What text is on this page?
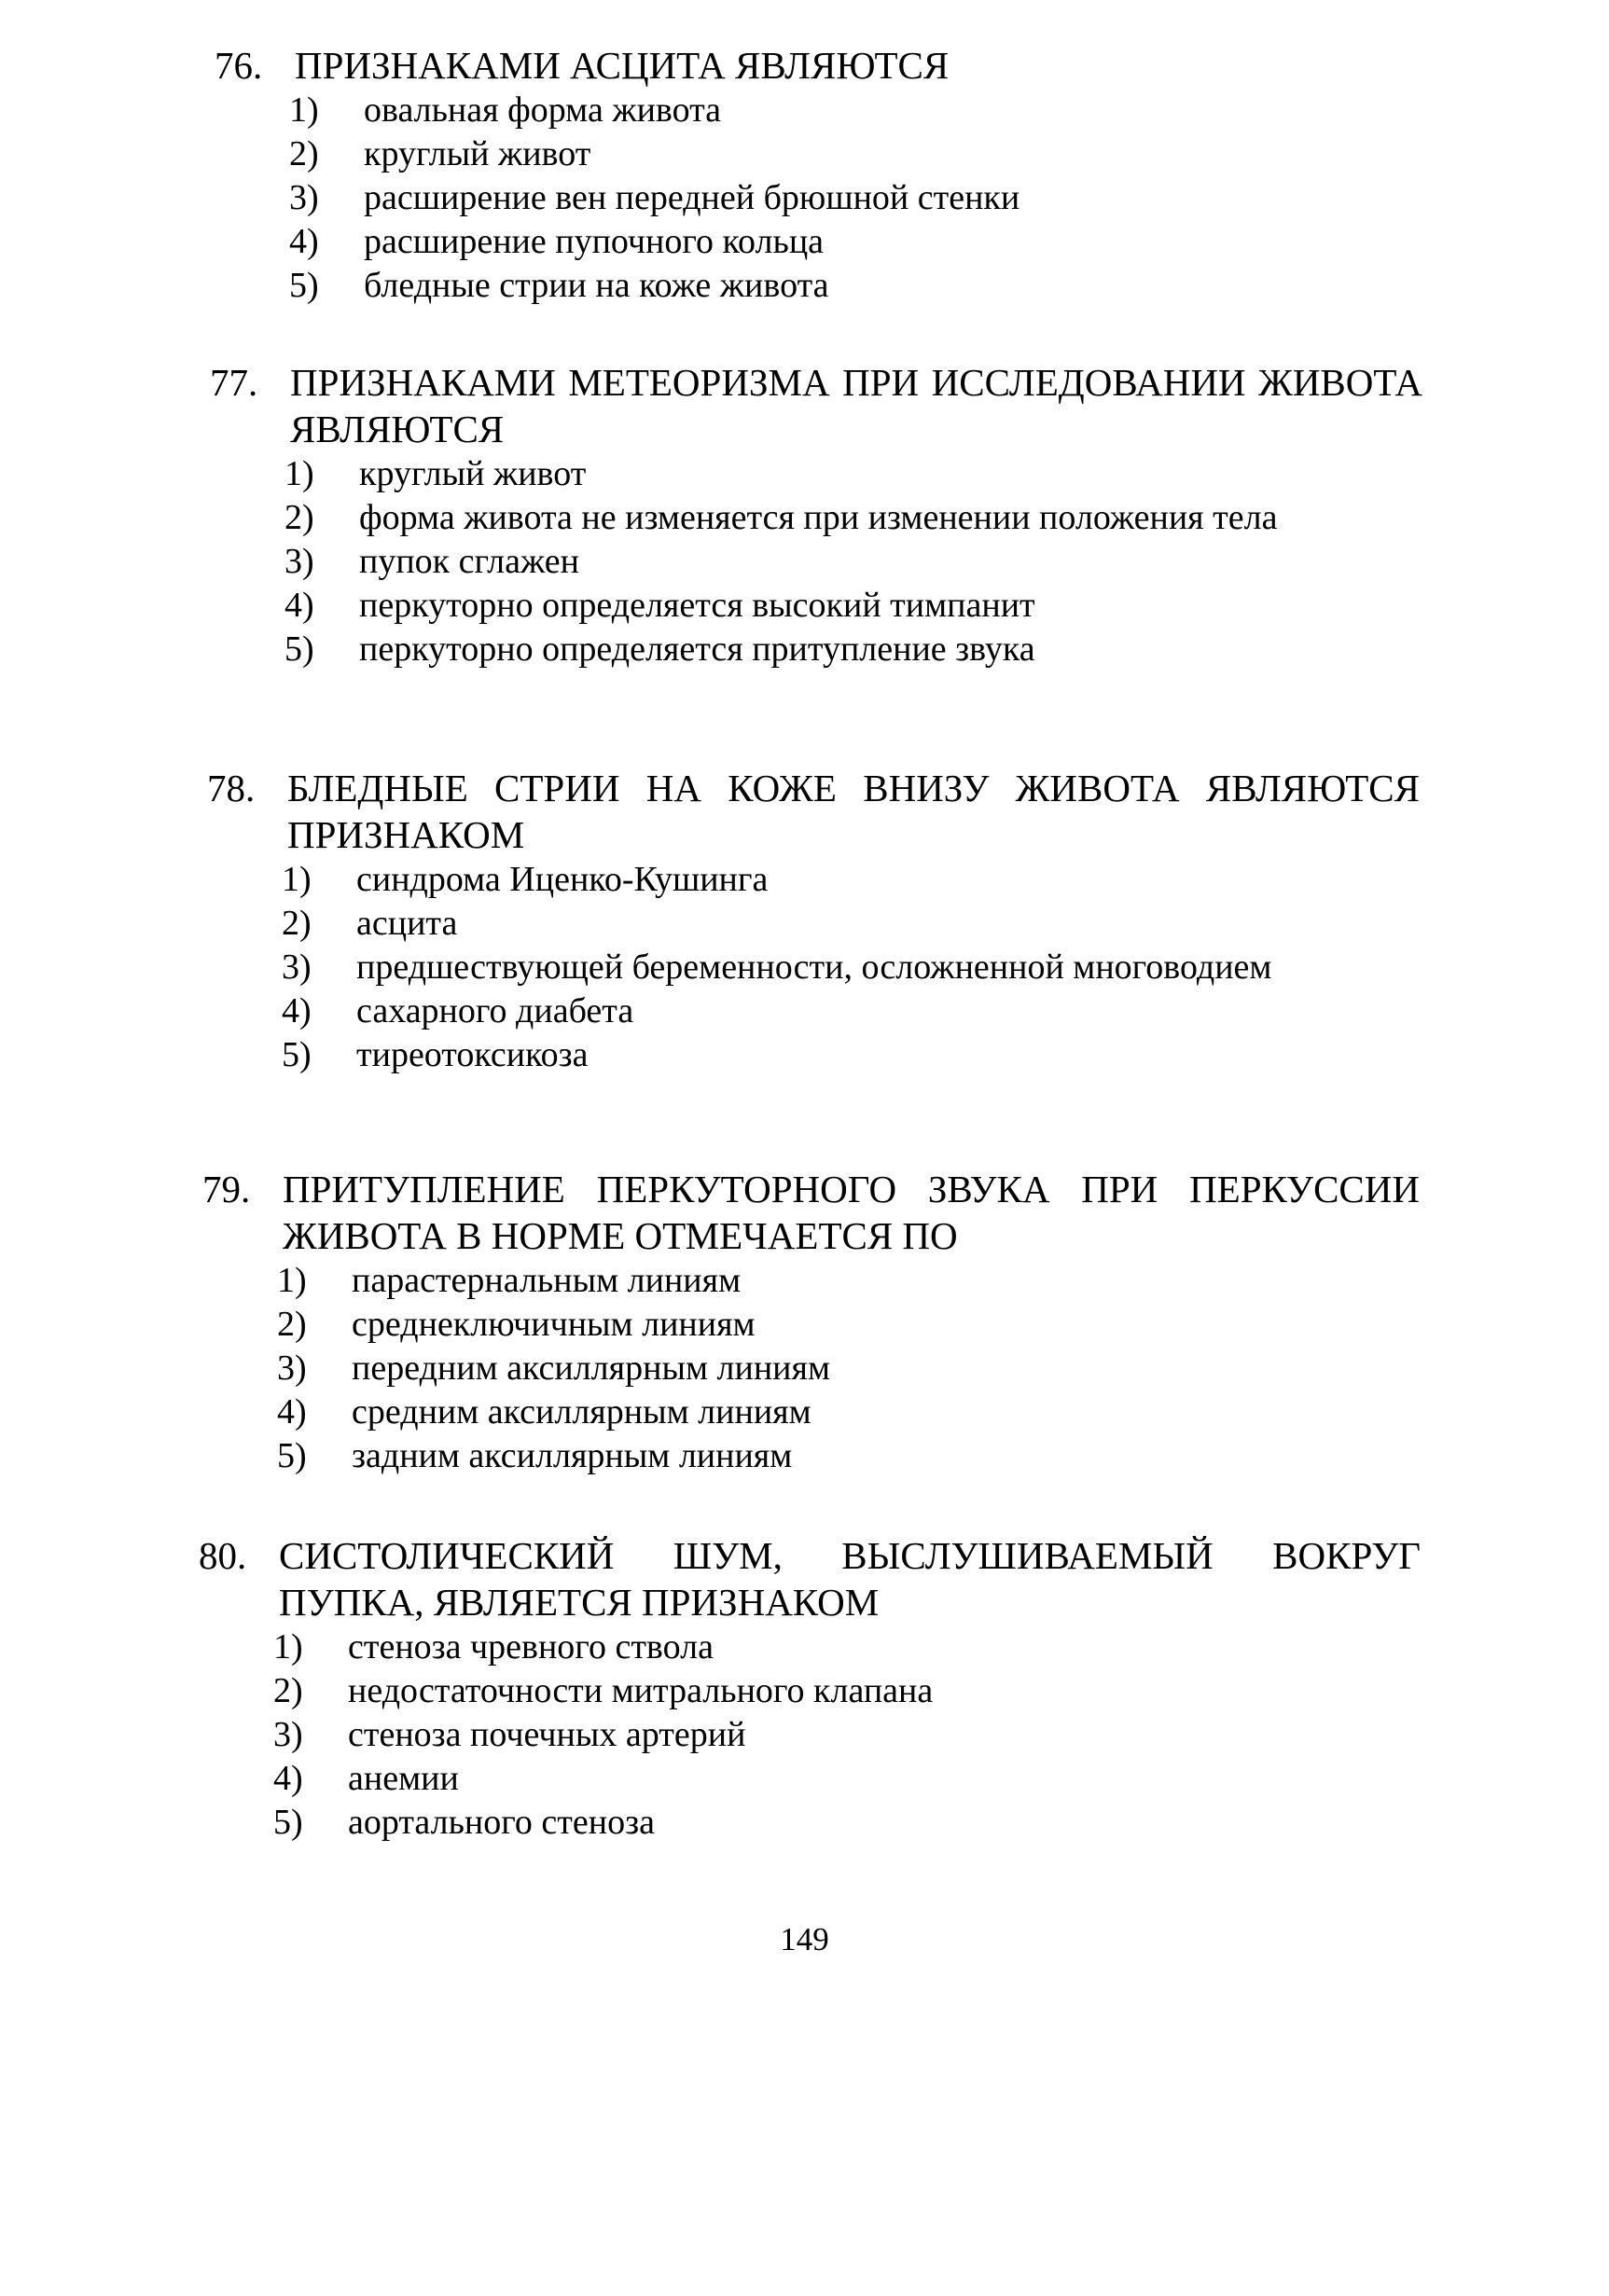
76. ПРИЗНАКАМИ АСЦИТА ЯВЛЯЮТСЯ
1)	овальная форма живота
2)	круглый живот
3)	расширение вен передней брюшной стенки
4)	расширение пупочного кольца
5)	бледные стрии на коже живота
77. ПРИЗНАКАМИ МЕТЕОРИЗМА ПРИ ИССЛЕДОВАНИИ ЖИВОТА ЯВЛЯЮТСЯ
1)	круглый живот
2)	форма живота не изменяется при изменении положения тела
3)	пупок сглажен
4)	перкуторно определяется высокий тимпанит
5)	перкуторно определяется притупление звука
78. БЛЕДНЫЕ СТРИИ НА КОЖЕ ВНИЗУ ЖИВОТА ЯВЛЯЮТСЯ ПРИЗНАКОМ
1)	синдрома Иценко-Кушинга
2)	асцита
3)	предшествующей беременности, осложненной многоводием
4)	сахарного диабета
5)	тиреотоксикоза
79. ПРИТУПЛЕНИЕ ПЕРКУТОРНОГО ЗВУКА ПРИ ПЕРКУССИИ ЖИВОТА В НОРМЕ ОТМЕЧАЕТСЯ ПО
1)	парастернальным линиям
2)	среднеключичным линиям
3)	передним аксиллярным линиям
4)	средним аксиллярным линиям
5)	задним аксиллярным линиям
80. СИСТОЛИЧЕСКИЙ ШУМ, ВЫСЛУШИВАЕМЫЙ ВОКРУГ ПУПКА, ЯВЛЯЕТСЯ ПРИЗНАКОМ
1)	стеноза чревного ствола
2)	недостаточности митрального клапана
3)	стеноза почечных артерий
4)	анемии
5)	аортального стеноза
149
